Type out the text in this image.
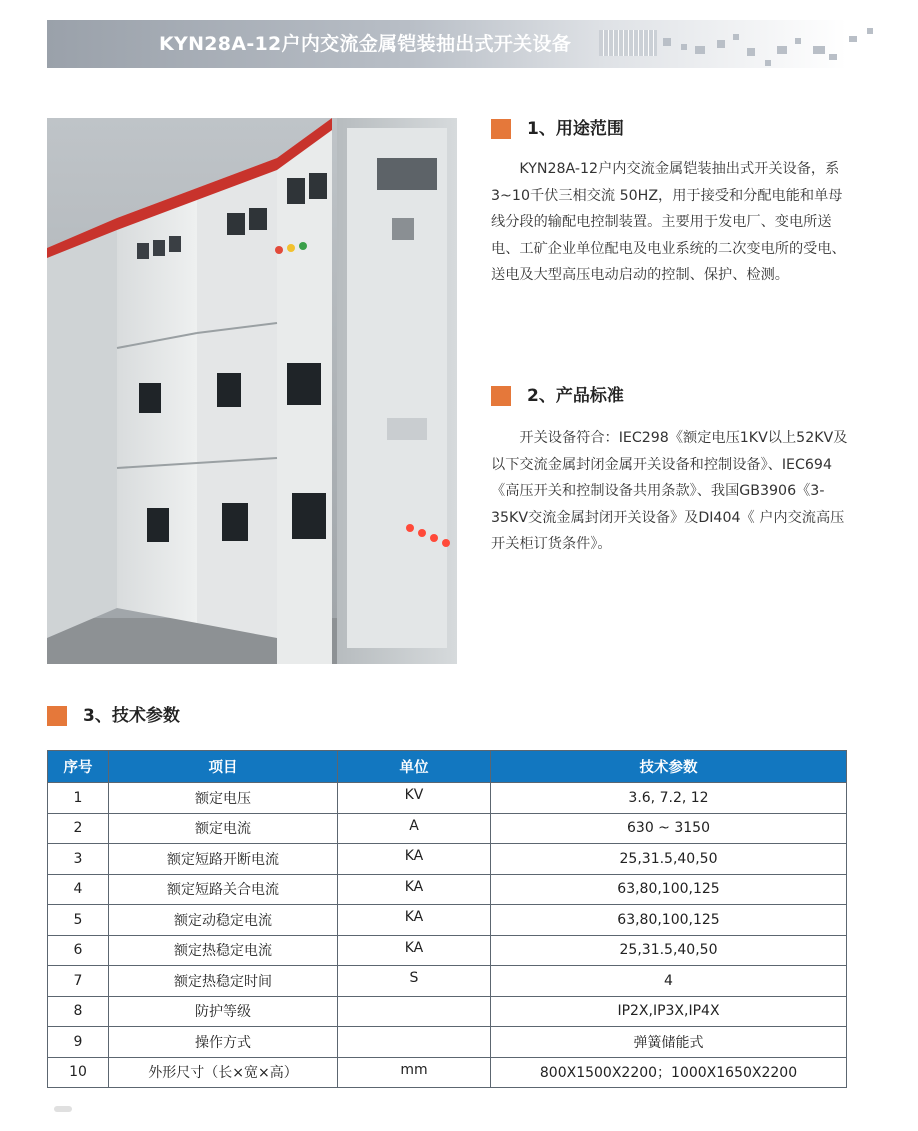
KYN28A-12户内交流金属铠装抽出式开关设备
1、用途范围

KYN28A-12户内交流金属铠装抽出式开关设备，系3~10千伏三相交流 50HZ，用于接受和分配电能和单母线分段的输配电控制装置。主要用于发电厂、变电所送电、工矿企业单位配电及电业系统的二次变电所的受电、送电及大型高压电动启动的控制、保护、检测。

2、产品标准

开关设备符合：IEC298《额定电压1KV以上52KV及以下交流金属封闭金属开关设备和控制设备》、IEC694《高压开关和控制设备共用条款》、我国GB3906《3-35KV交流金属封闭开关设备》及DI404《 户内交流高压开关柜订货条件》。

3、技术参数
序号	项目	单位	技术参数
1	额定电压	KV	3.6, 7.2, 12
2	额定电流	A	630 ~ 3150
3	额定短路开断电流	KA	25,31.5,40,50
4	额定短路关合电流	KA	63,80,100,125
5	额定动稳定电流	KA	63,80,100,125
6	额定热稳定电流	KA	25,31.5,40,50
7	额定热稳定时间	S	4
8	防护等级		IP2X,IP3X,IP4X
9	操作方式		弹簧储能式
10	外形尺寸（长×宽×高）	mm	800X1500X2200；1000X1650X2200
